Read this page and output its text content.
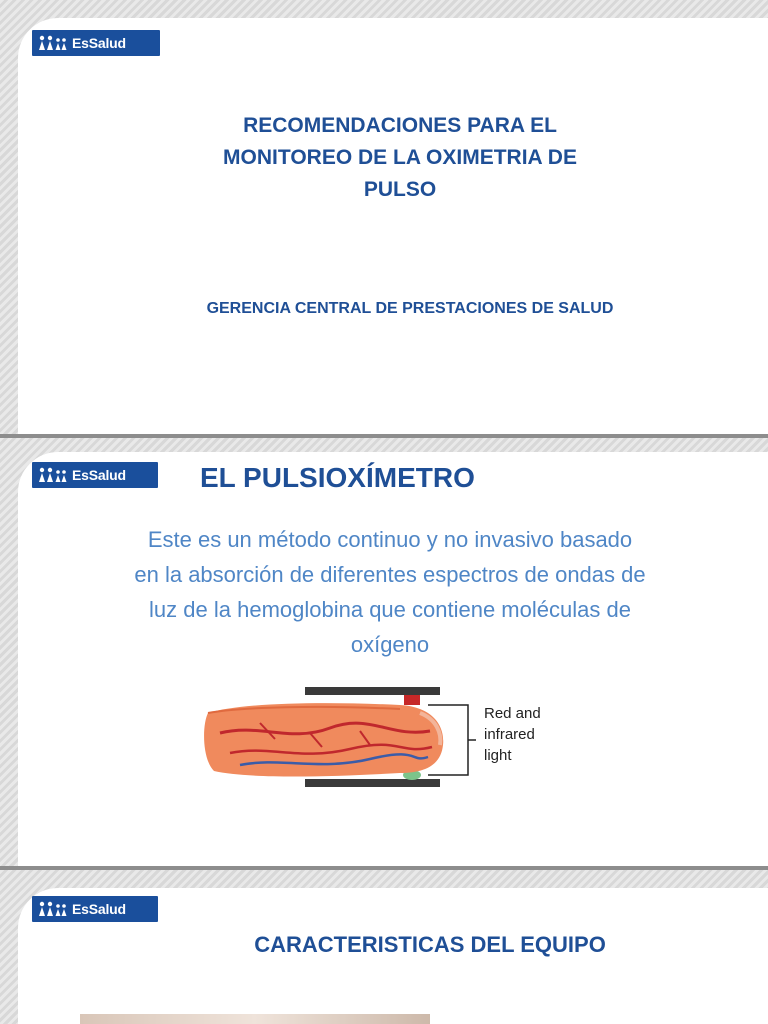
EsSalud
RECOMENDACIONES PARA EL
MONITOREO DE LA OXIMETRIA DE
PULSO
GERENCIA CENTRAL DE PRESTACIONES DE SALUD
EsSalud	EL PULSIOXÍMETRO
Este es un método continuo y no invasivo basado
en la absorción de diferentes espectros de ondas de
luz de la hemoglobina que contiene moléculas de
oxígeno
Red and
infrared
light
EsSalud
CARACTERISTICAS DEL EQUIPO
